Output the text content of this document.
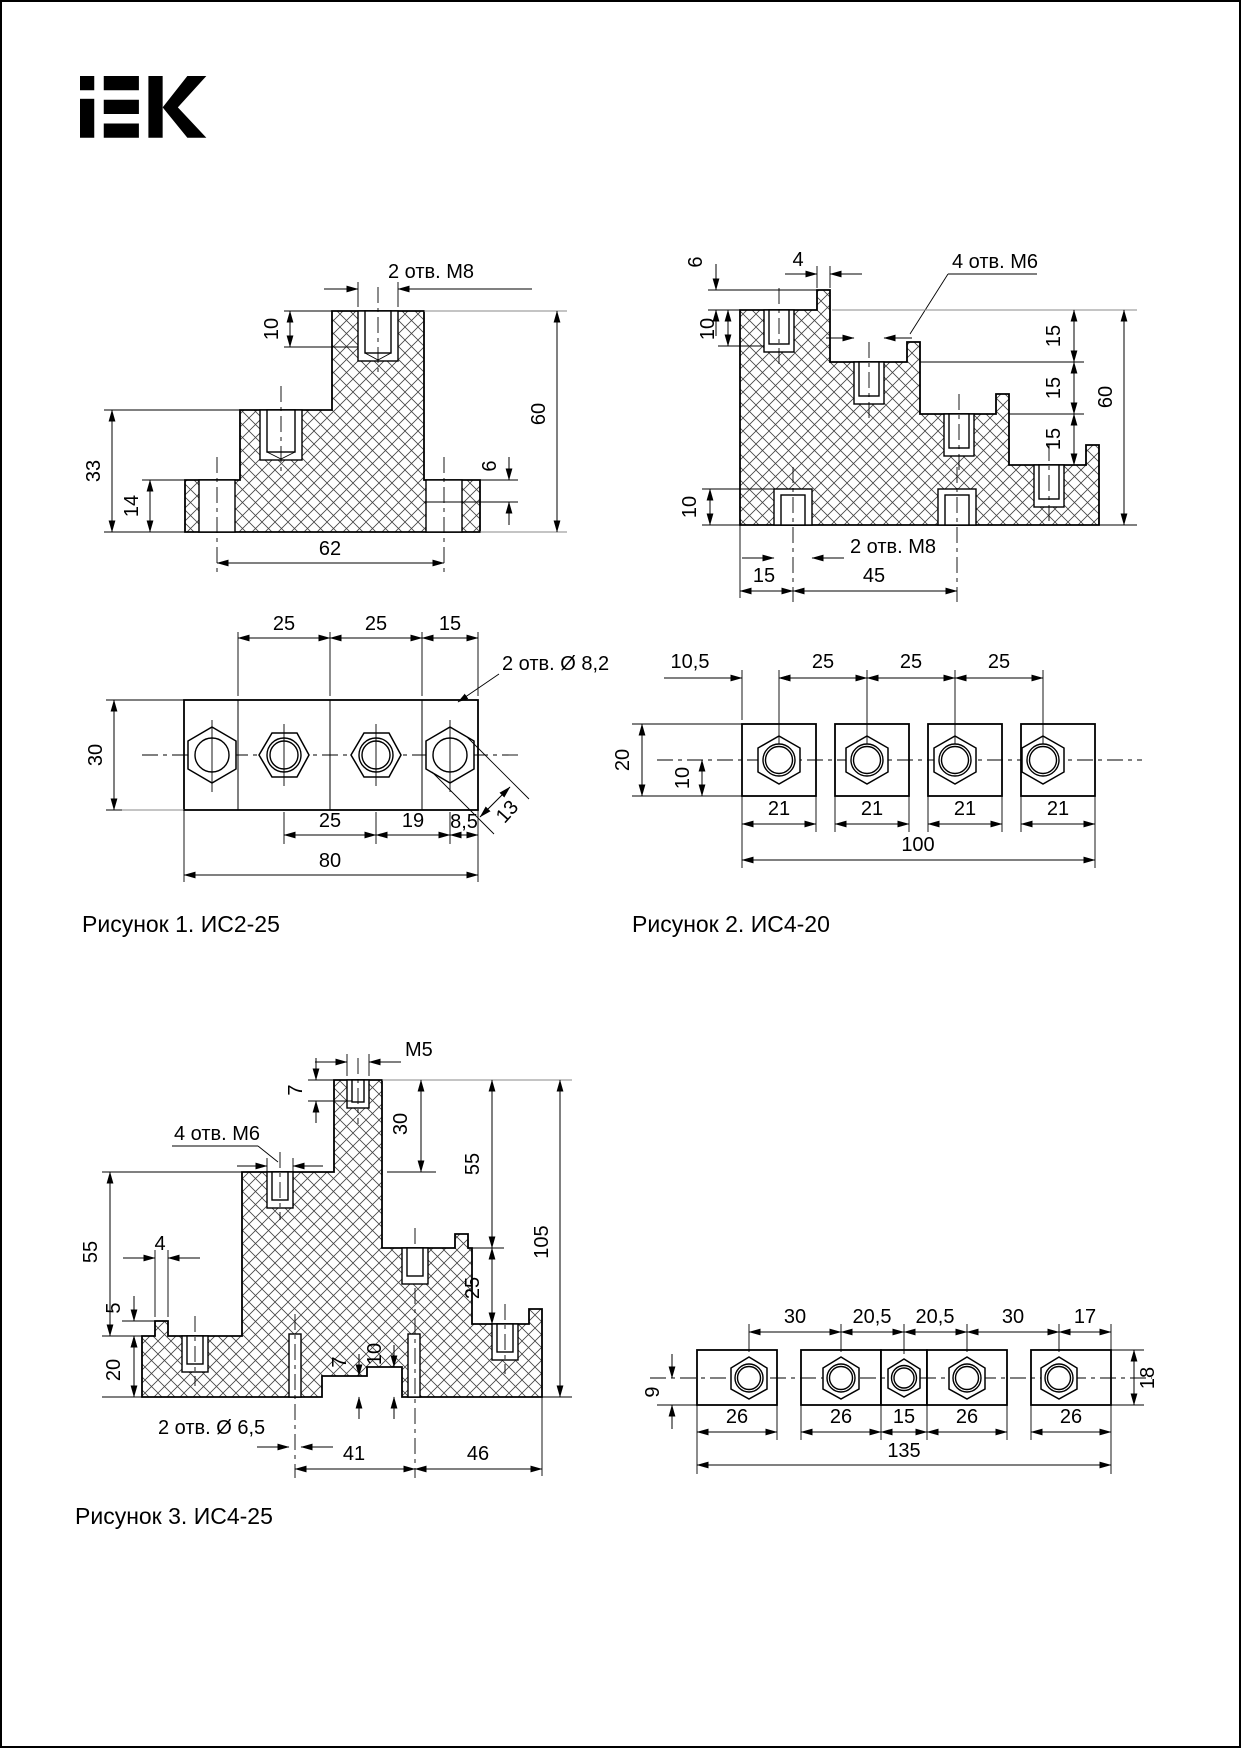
2 отв. М8
10
33
14
62
60
6
25	25	15
30
2 отв. Ø 8,2
13
25	19 8,5
80
Рисунок 1. ИС2-25
6	4	4 отв. М6
10	15
15
15
60
10
2 отв. М8
15	45
10,5	25	25	25
20
10
21	21	21	21
100
Рисунок 2. ИС4-20
М5
7
30
55
25
105
4 отв. М6
55	4
5
20	7 10
2 отв. Ø 6,5
41	46
30 20,5 20,5 30 17
9
18
26	26 15 26	26
135
Рисунок 3. ИС4-25
